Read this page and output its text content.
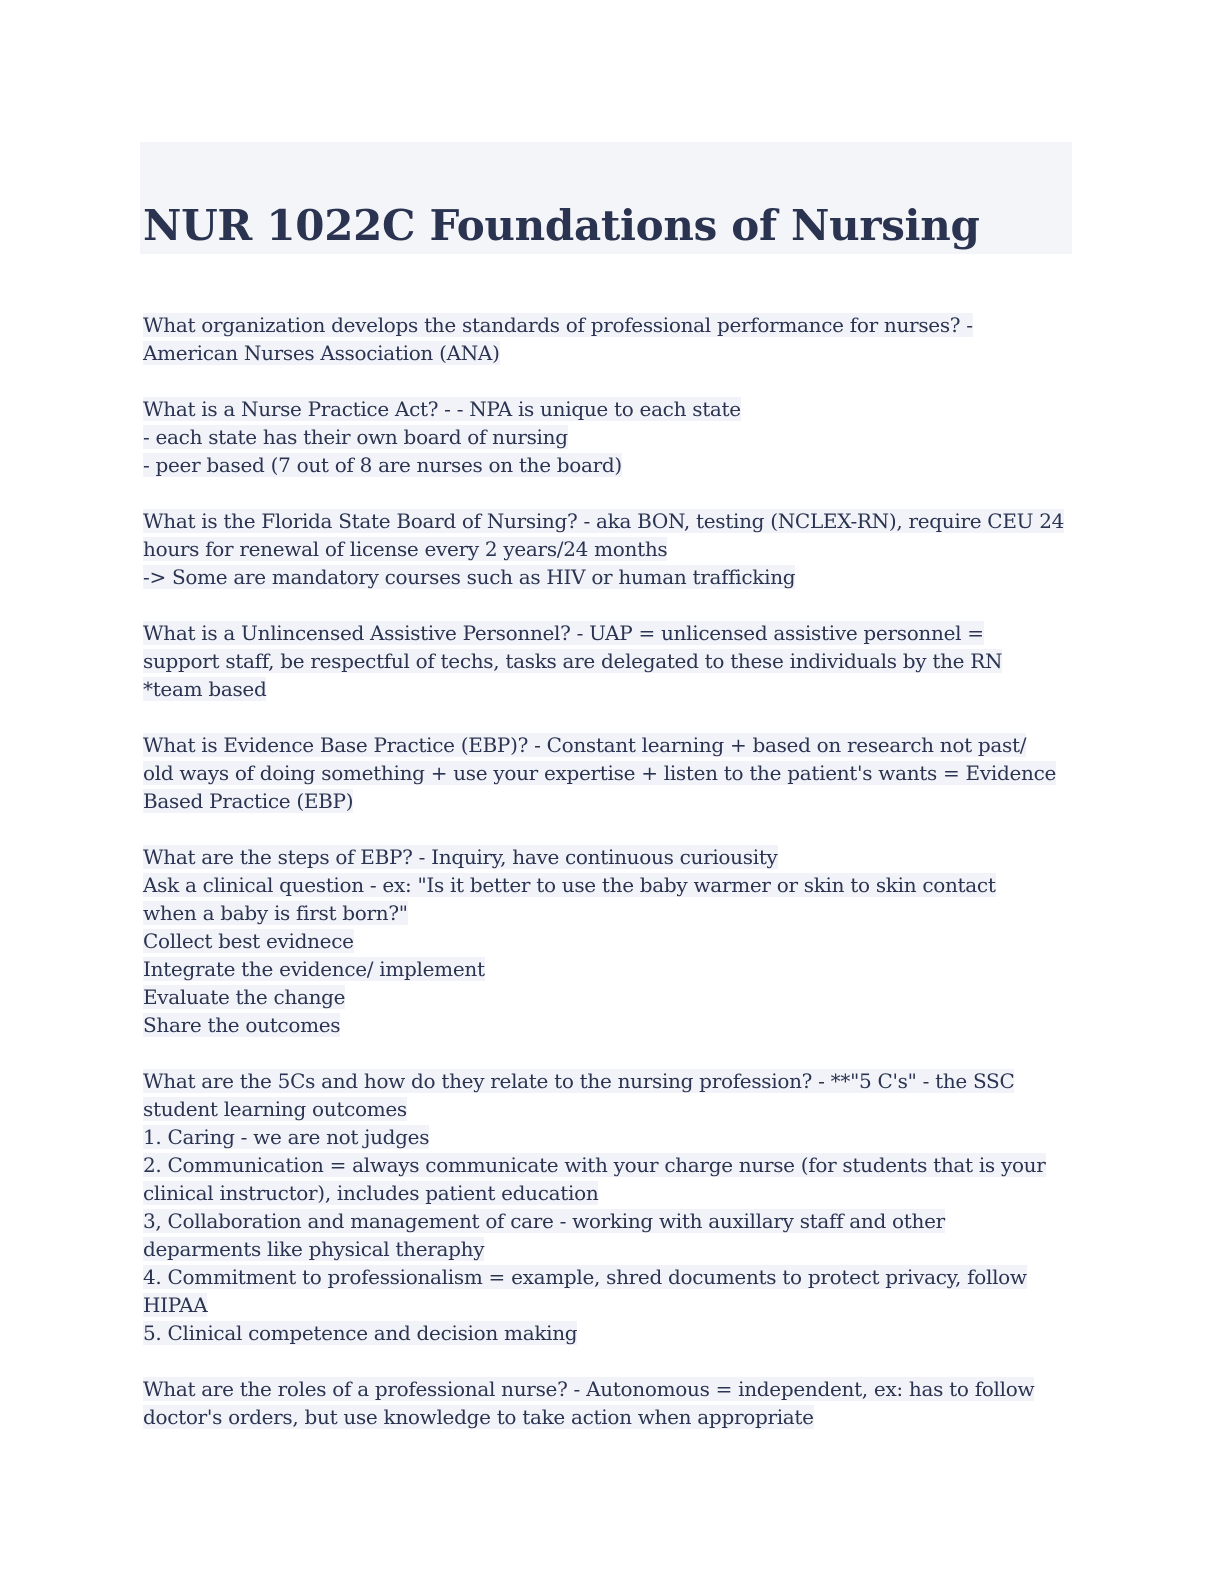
NUR 1022C Foundations of Nursing
What organization develops the standards of professional performance for nurses? -
American Nurses Association (ANA)
What is a Nurse Practice Act? - - NPA is unique to each state
- each state has their own board of nursing
- peer based (7 out of 8 are nurses on the board)
What is the Florida State Board of Nursing? - aka BON, testing (NCLEX-RN), require CEU 24
hours for renewal of license every 2 years/24 months
-> Some are mandatory courses such as HIV or human trafficking
What is a Unlincensed Assistive Personnel? - UAP = unlicensed assistive personnel =
support staff, be respectful of techs, tasks are delegated to these individuals by the RN
*team based
What is Evidence Base Practice (EBP)? - Constant learning + based on research not past/
old ways of doing something + use your expertise + listen to the patient's wants = Evidence
Based Practice (EBP)
What are the steps of EBP? - Inquiry, have continuous curiousity
Ask a clinical question - ex: "Is it better to use the baby warmer or skin to skin contact
when a baby is first born?"
Collect best evidnece
Integrate the evidence/ implement
Evaluate the change
Share the outcomes
What are the 5Cs and how do they relate to the nursing profession? - **"5 C's" - the SSC
student learning outcomes
1. Caring - we are not judges
2. Communication = always communicate with your charge nurse (for students that is your
clinical instructor), includes patient education
3, Collaboration and management of care - working with auxillary staff and other
deparments like physical theraphy
4. Commitment to professionalism = example, shred documents to protect privacy, follow
HIPAA
5. Clinical competence and decision making
What are the roles of a professional nurse? - Autonomous = independent, ex: has to follow
doctor's orders, but use knowledge to take action when appropriate
